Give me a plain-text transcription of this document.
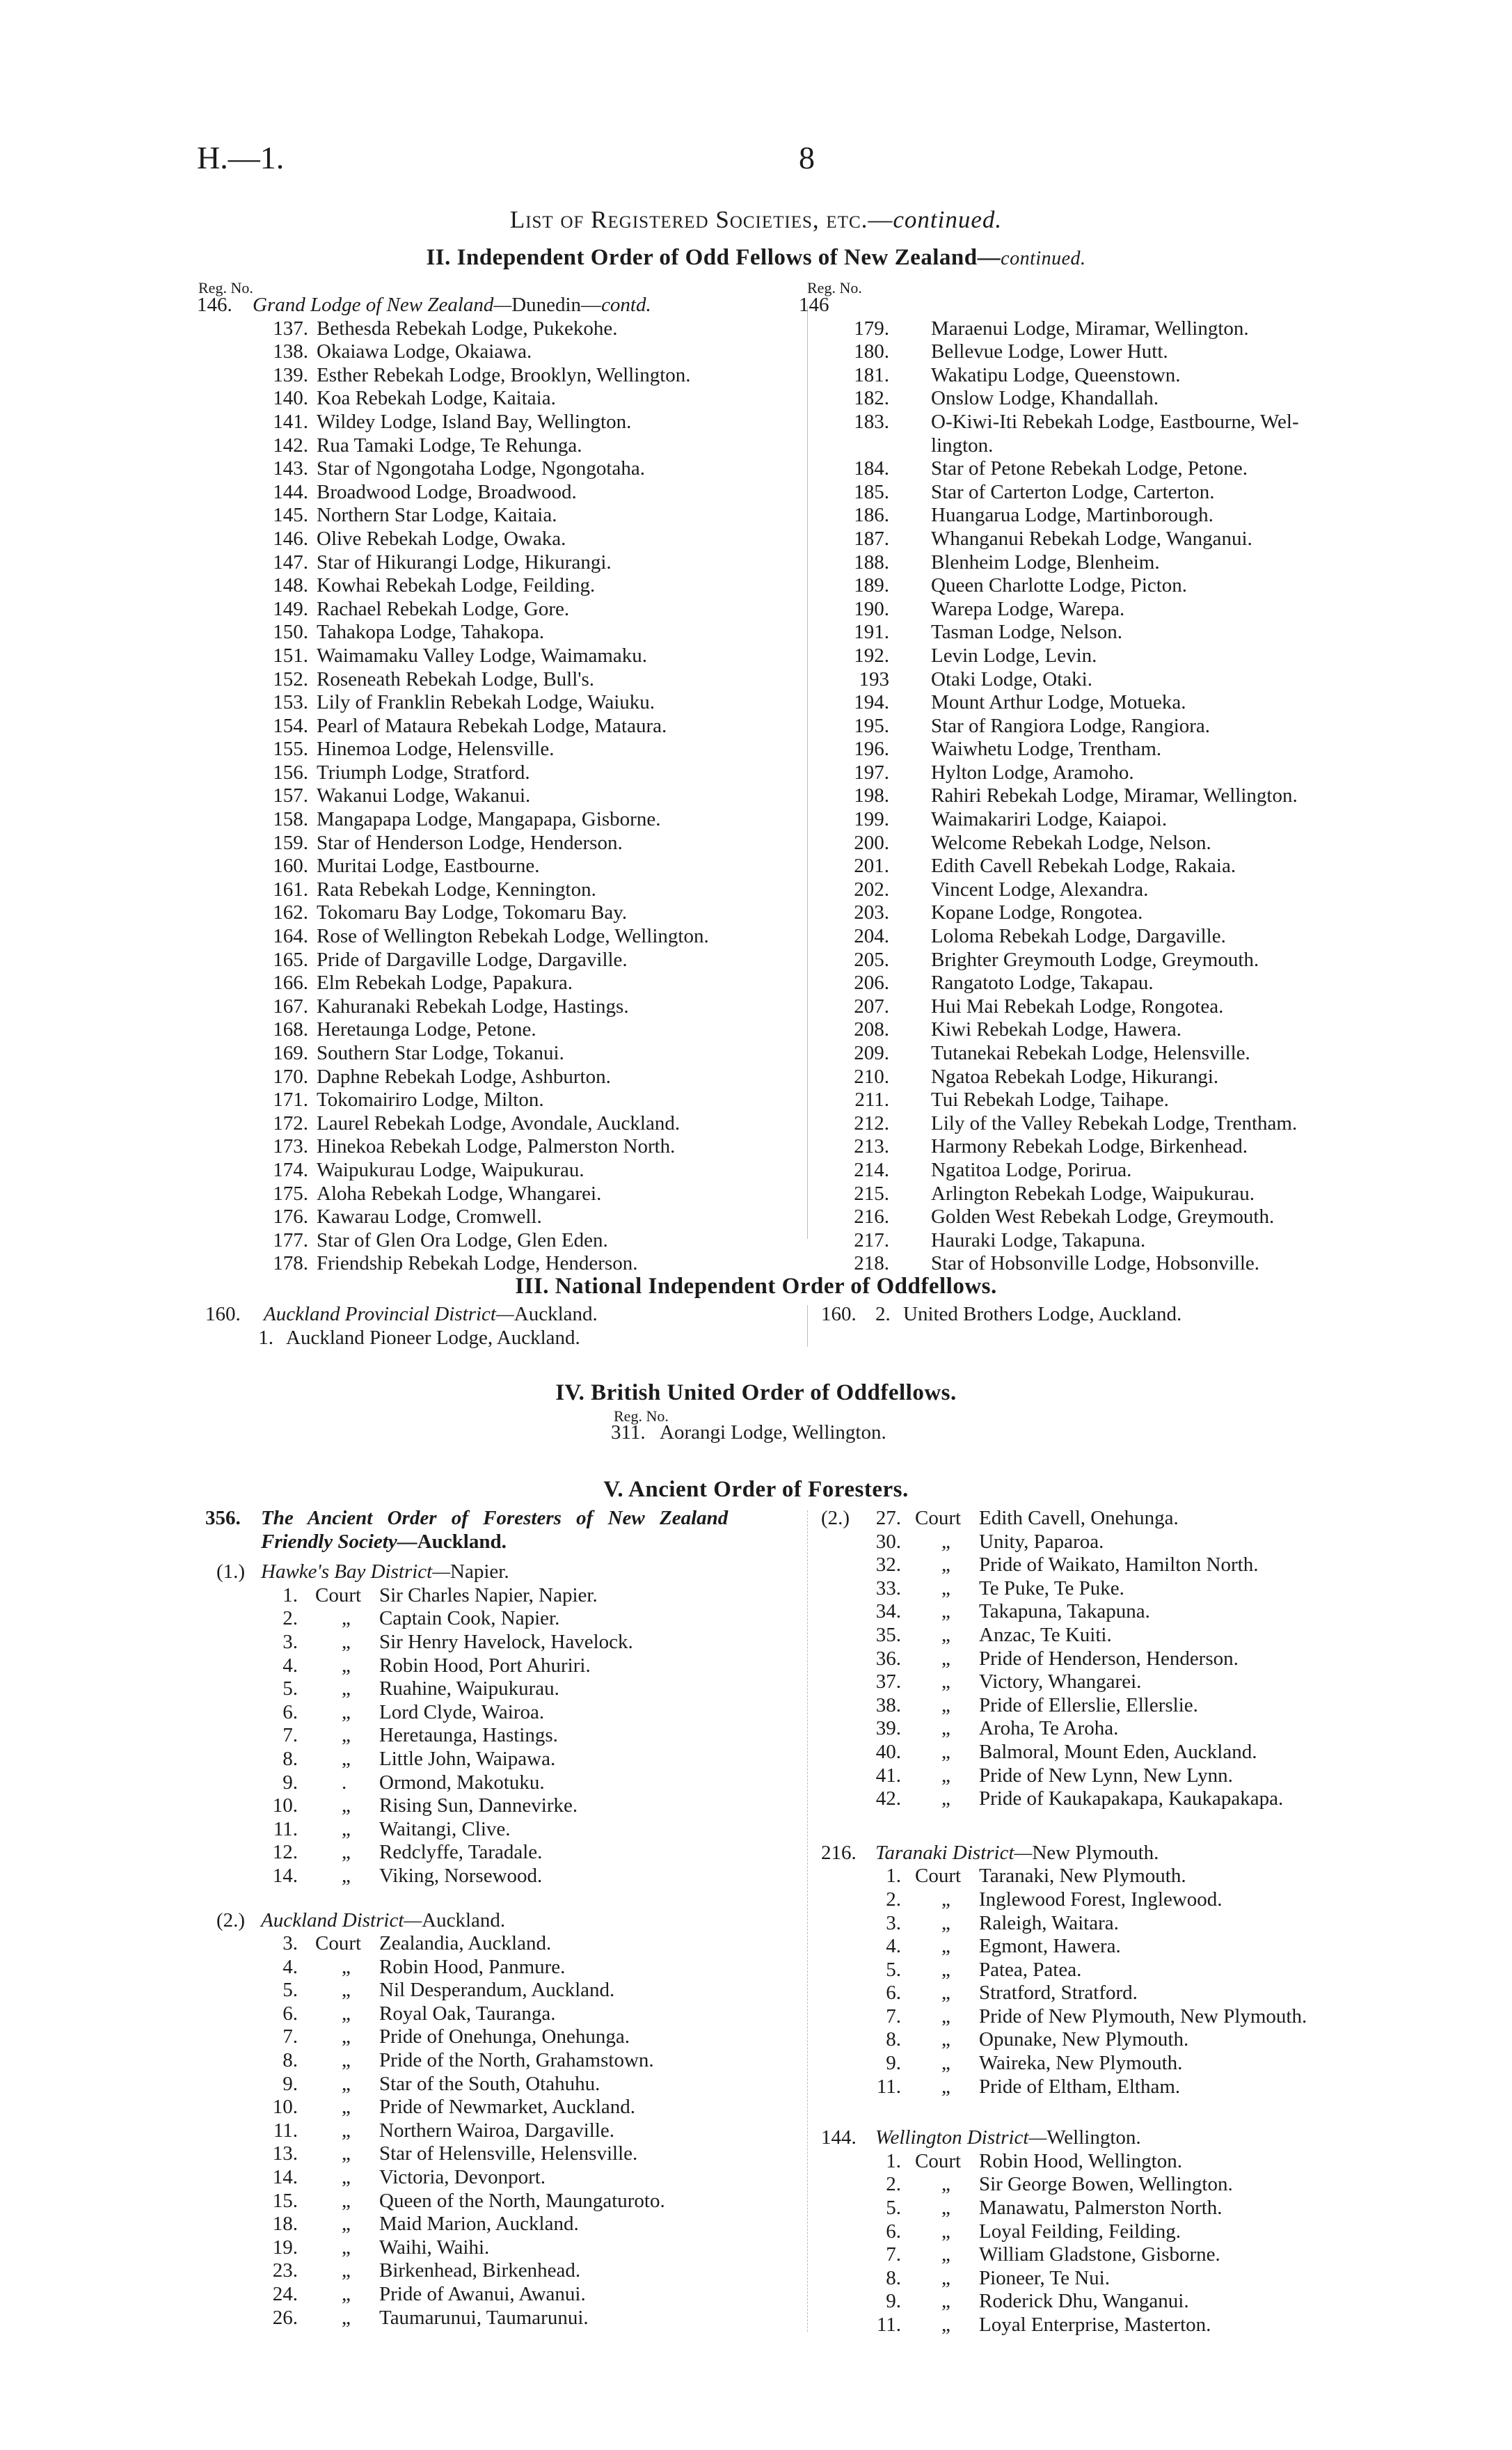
H.—1.	8
List of Registered Societies, etc.—continued.
II. Independent Order of Odd Fellows of New Zealand—continued.
Reg. No.	Reg. No.
146. Grand Lodge of New Zealand—Dunedin—contd.
137. Bethesda Rebekah Lodge, Pukekohe.
138. Okaiawa Lodge, Okaiawa.
139. Esther Rebekah Lodge, Brooklyn, Wellington.
140. Koa Rebekah Lodge, Kaitaia.
141. Wildey Lodge, Island Bay, Wellington.
142. Rua Tamaki Lodge, Te Rehunga.
143. Star of Ngongotaha Lodge, Ngongotaha.
144. Broadwood Lodge, Broadwood.
145. Northern Star Lodge, Kaitaia.
146. Olive Rebekah Lodge, Owaka.
147. Star of Hikurangi Lodge, Hikurangi.
148. Kowhai Rebekah Lodge, Feilding.
149. Rachael Rebekah Lodge, Gore.
150. Tahakopa Lodge, Tahakopa.
151. Waimamaku Valley Lodge, Waimamaku.
152. Roseneath Rebekah Lodge, Bull's.
153. Lily of Franklin Rebekah Lodge, Waiuku.
154. Pearl of Mataura Rebekah Lodge, Mataura.
155. Hinemoa Lodge, Helensville.
156. Triumph Lodge, Stratford.
157. Wakanui Lodge, Wakanui.
158. Mangapapa Lodge, Mangapapa, Gisborne.
159. Star of Henderson Lodge, Henderson.
160. Muritai Lodge, Eastbourne.
161. Rata Rebekah Lodge, Kennington.
162. Tokomaru Bay Lodge, Tokomaru Bay.
164. Rose of Wellington Rebekah Lodge, Wellington.
165. Pride of Dargaville Lodge, Dargaville.
166. Elm Rebekah Lodge, Papakura.
167. Kahuranaki Rebekah Lodge, Hastings.
168. Heretaunga Lodge, Petone.
169. Southern Star Lodge, Tokanui.
170. Daphne Rebekah Lodge, Ashburton.
171. Tokomairiro Lodge, Milton.
172. Laurel Rebekah Lodge, Avondale, Auckland.
173. Hinekoa Rebekah Lodge, Palmerston North.
174. Waipukurau Lodge, Waipukurau.
175. Aloha Rebekah Lodge, Whangarei.
176. Kawarau Lodge, Cromwell.
177. Star of Glen Ora Lodge, Glen Eden.
178. Friendship Rebekah Lodge, Henderson.
146
179. Maraenui Lodge, Miramar, Wellington.
180. Bellevue Lodge, Lower Hutt.
181. Wakatipu Lodge, Queenstown.
182. Onslow Lodge, Khandallah.
183. O-Kiwi-Iti Rebekah Lodge, Eastbourne, Wel-
lington.
184. Star of Petone Rebekah Lodge, Petone.
185. Star of Carterton Lodge, Carterton.
186. Huangarua Lodge, Martinborough.
187. Whanganui Rebekah Lodge, Wanganui.
188. Blenheim Lodge, Blenheim.
189. Queen Charlotte Lodge, Picton.
190. Warepa Lodge, Warepa.
191. Tasman Lodge, Nelson.
192. Levin Lodge, Levin.
193 Otaki Lodge, Otaki.
194. Mount Arthur Lodge, Motueka.
195. Star of Rangiora Lodge, Rangiora.
196. Waiwhetu Lodge, Trentham.
197. Hylton Lodge, Aramoho.
198. Rahiri Rebekah Lodge, Miramar, Wellington.
199. Waimakariri Lodge, Kaiapoi.
200. Welcome Rebekah Lodge, Nelson.
201. Edith Cavell Rebekah Lodge, Rakaia.
202. Vincent Lodge, Alexandra.
203. Kopane Lodge, Rongotea.
204. Loloma Rebekah Lodge, Dargaville.
205. Brighter Greymouth Lodge, Greymouth.
206. Rangatoto Lodge, Takapau.
207. Hui Mai Rebekah Lodge, Rongotea.
208. Kiwi Rebekah Lodge, Hawera.
209. Tutanekai Rebekah Lodge, Helensville.
210. Ngatoa Rebekah Lodge, Hikurangi.
211. Tui Rebekah Lodge, Taihape.
212. Lily of the Valley Rebekah Lodge, Trentham.
213. Harmony Rebekah Lodge, Birkenhead.
214. Ngatitoa Lodge, Porirua.
215. Arlington Rebekah Lodge, Waipukurau.
216. Golden West Rebekah Lodge, Greymouth.
217. Hauraki Lodge, Takapuna.
218. Star of Hobsonville Lodge, Hobsonville.
III. National Independent Order of Oddfellows.
160. Auckland Provincial District—Auckland.
1. Auckland Pioneer Lodge, Auckland.
160. 2. United Brothers Lodge, Auckland.
IV. British United Order of Oddfellows.
Reg. No.
311. Aorangi Lodge, Wellington.
V. Ancient Order of Foresters.
356. The Ancient Order of Foresters of New Zealand
Friendly Society—Auckland.
(1.) Hawke's Bay District—Napier.
1. Court Sir Charles Napier, Napier.
2. „ Captain Cook, Napier.
3. „ Sir Henry Havelock, Havelock.
4. „ Robin Hood, Port Ahuriri.
5. „ Ruahine, Waipukurau.
6. „ Lord Clyde, Wairoa.
7. „ Heretaunga, Hastings.
8. „ Little John, Waipawa.
9. . Ormond, Makotuku.
10. „ Rising Sun, Dannevirke.
11. „ Waitangi, Clive.
12. „ Redclyffe, Taradale.
14. „ Viking, Norsewood.
(2.) Auckland District—Auckland.
3. Court Zealandia, Auckland.
4. „ Robin Hood, Panmure.
5. „ Nil Desperandum, Auckland.
6. „ Royal Oak, Tauranga.
7. „ Pride of Onehunga, Onehunga.
8. „ Pride of the North, Grahamstown.
9. „ Star of the South, Otahuhu.
10. „ Pride of Newmarket, Auckland.
11. „ Northern Wairoa, Dargaville.
13. „ Star of Helensville, Helensville.
14. „ Victoria, Devonport.
15. „ Queen of the North, Maungaturoto.
18. „ Maid Marion, Auckland.
19. „ Waihi, Waihi.
23. „ Birkenhead, Birkenhead.
24. „ Pride of Awanui, Awanui.
26. „ Taumarunui, Taumarunui.
(2.) 27. Court Edith Cavell, Onehunga.
30. „ Unity, Paparoa.
32. „ Pride of Waikato, Hamilton North.
33. „ Te Puke, Te Puke.
34. „ Takapuna, Takapuna.
35. „ Anzac, Te Kuiti.
36. „ Pride of Henderson, Henderson.
37. „ Victory, Whangarei.
38. „ Pride of Ellerslie, Ellerslie.
39. „ Aroha, Te Aroha.
40. „ Balmoral, Mount Eden, Auckland.
41. „ Pride of New Lynn, New Lynn.
42. „ Pride of Kaukapakapa, Kaukapakapa.
216. Taranaki District—New Plymouth.
1. Court Taranaki, New Plymouth.
2. „ Inglewood Forest, Inglewood.
3. „ Raleigh, Waitara.
4. „ Egmont, Hawera.
5. „ Patea, Patea.
6. „ Stratford, Stratford.
7. „ Pride of New Plymouth, New Plymouth.
8. „ Opunake, New Plymouth.
9. „ Waireka, New Plymouth.
11. „ Pride of Eltham, Eltham.
144. Wellington District—Wellington.
1. Court Robin Hood, Wellington.
2. „ Sir George Bowen, Wellington.
5. „ Manawatu, Palmerston North.
6. „ Loyal Feilding, Feilding.
7. „ William Gladstone, Gisborne.
8. „ Pioneer, Te Nui.
9. „ Roderick Dhu, Wanganui.
11. „ Loyal Enterprise, Masterton.
